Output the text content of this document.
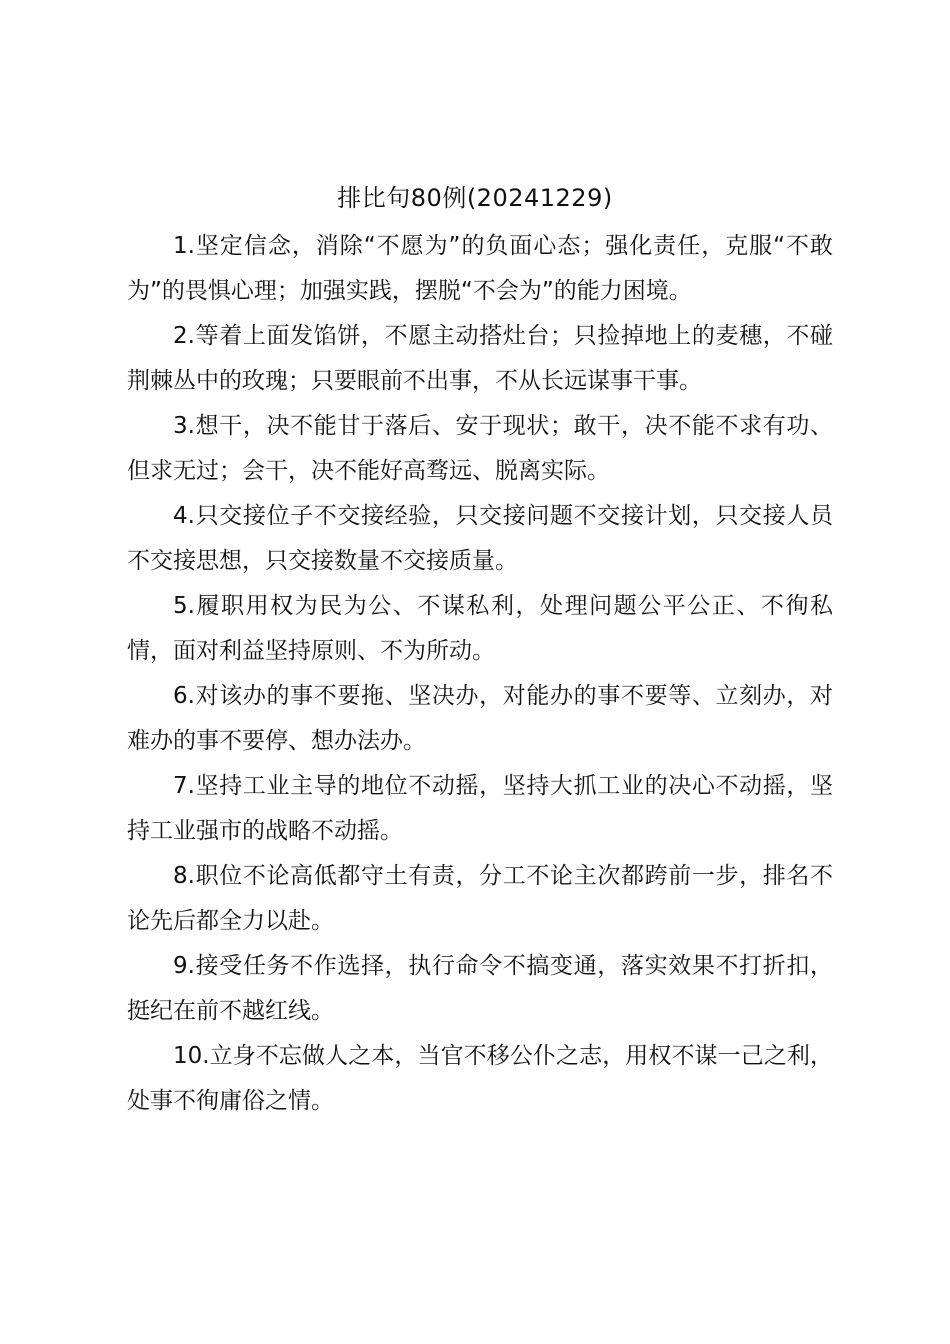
排比句80例(20241229)

1.坚定信念，消除“不愿为”的负面心态；强化责任，克服“不敢为”的畏惧心理；加强实践，摆脱“不会为”的能力困境。

2.等着上面发馅饼，不愿主动搭灶台；只捡掉地上的麦穗，不碰荆棘丛中的玫瑰；只要眼前不出事，不从长远谋事干事。

3.想干，决不能甘于落后、安于现状；敢干，决不能不求有功、但求无过；会干，决不能好高骛远、脱离实际。

4.只交接位子不交接经验，只交接问题不交接计划，只交接人员不交接思想，只交接数量不交接质量。

5.履职用权为民为公、不谋私利，处理问题公平公正、不徇私情，面对利益坚持原则、不为所动。

6.对该办的事不要拖、坚决办，对能办的事不要等、立刻办，对难办的事不要停、想办法办。

7.坚持工业主导的地位不动摇，坚持大抓工业的决心不动摇，坚持工业强市的战略不动摇。

8.职位不论高低都守土有责，分工不论主次都跨前一步，排名不论先后都全力以赴。

9.接受任务不作选择，执行命令不搞变通，落实效果不打折扣，挺纪在前不越红线。

10.立身不忘做人之本，当官不移公仆之志，用权不谋一己之利，处事不徇庸俗之情。
